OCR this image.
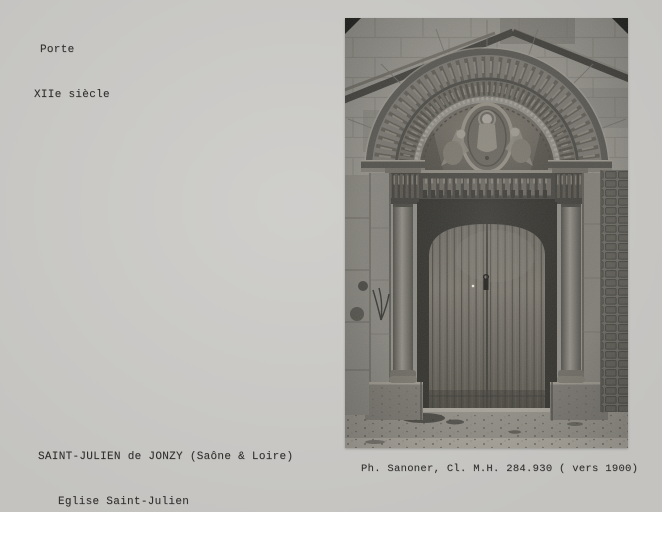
Porte

XIIe siècle

SAINT-JULIEN de JONZY (Saône & Loire)

Eglise Saint-Julien

Ph. Sanoner, Cl. M.H. 284.930 ( vers 1900)
